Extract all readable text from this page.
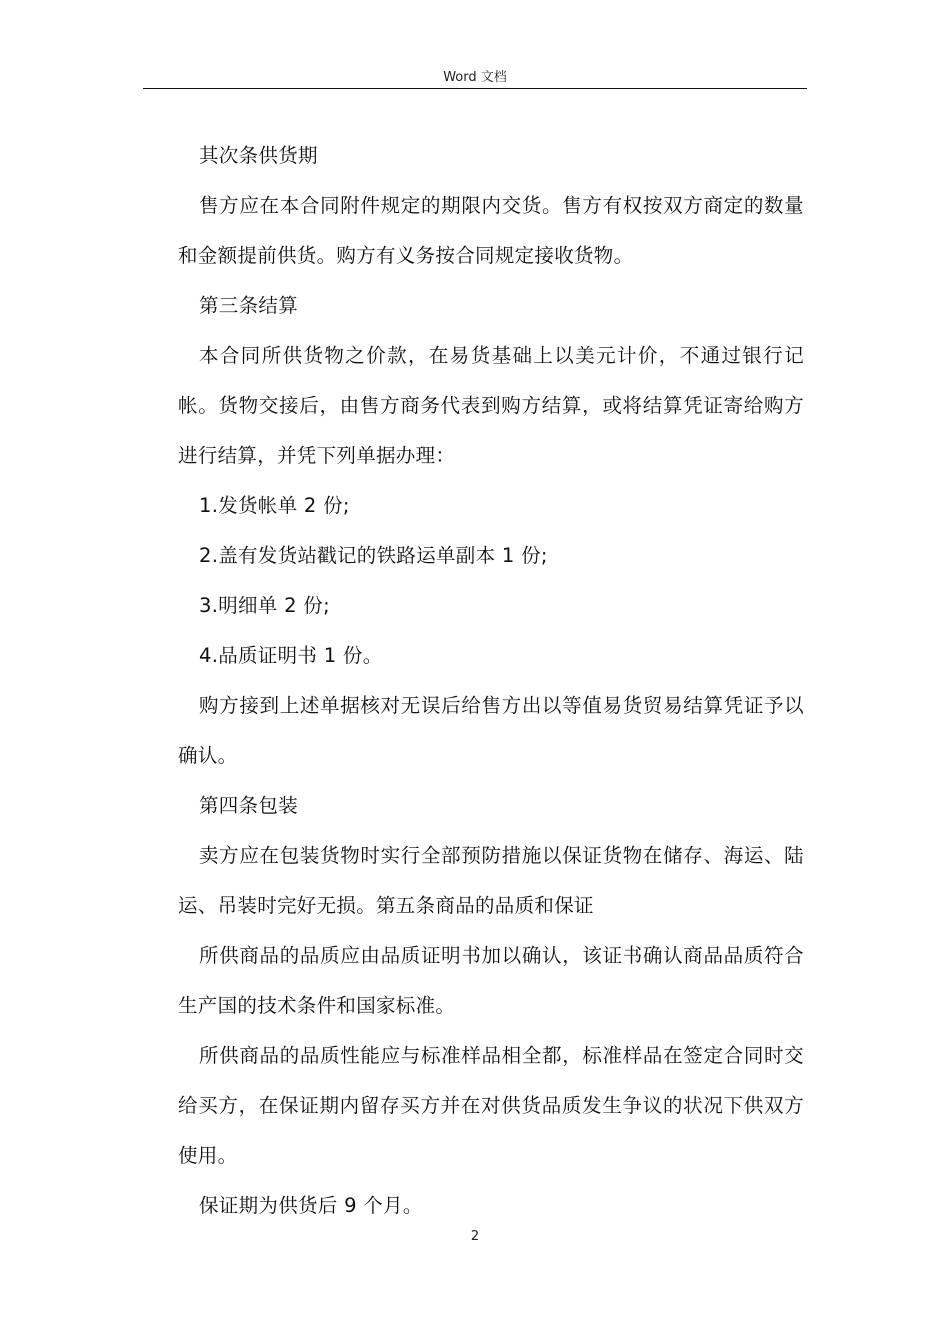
Word 文档

其次条供货期

售方应在本合同附件规定的期限内交货。售方有权按双方商定的数量和金额提前供货。购方有义务按合同规定接收货物。

第三条结算

本合同所供货物之价款，在易货基础上以美元计价，不通过银行记帐。货物交接后，由售方商务代表到购方结算，或将结算凭证寄给购方进行结算，并凭下列单据办理：

1.发货帐单 2 份;

2.盖有发货站戳记的铁路运单副本 1 份;

3.明细单 2 份;

4.品质证明书 1 份。

购方接到上述单据核对无误后给售方出以等值易货贸易结算凭证予以确认。

第四条包装

卖方应在包装货物时实行全部预防措施以保证货物在储存、海运、陆运、吊装时完好无损。第五条商品的品质和保证

所供商品的品质应由品质证明书加以确认，该证书确认商品品质符合生产国的技术条件和国家标准。

所供商品的品质性能应与标准样品相全都，标准样品在签定合同时交给买方，在保证期内留存买方并在对供货品质发生争议的状况下供双方使用。

保证期为供货后 9 个月。

2
